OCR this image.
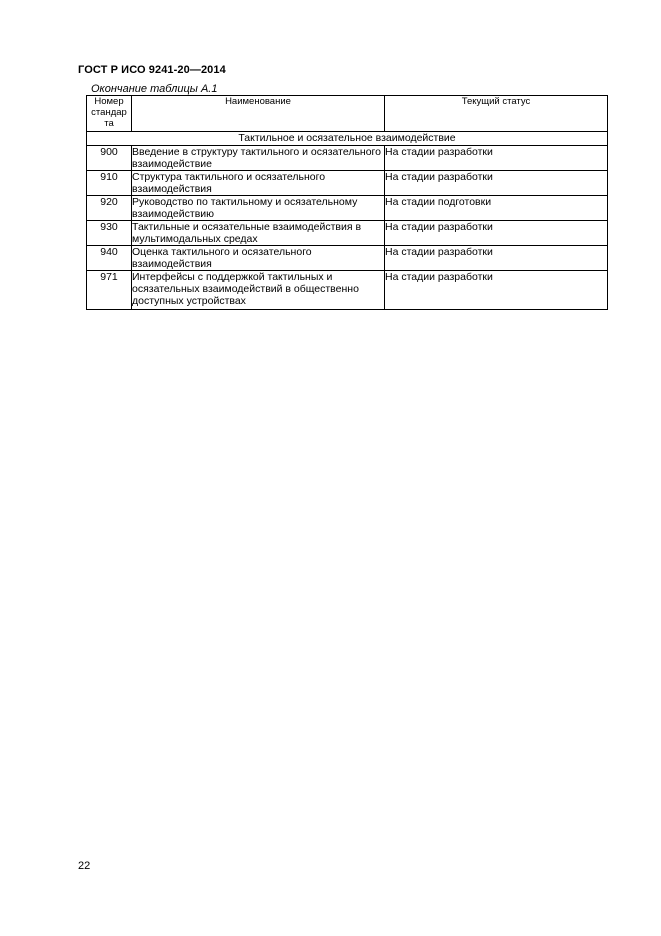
ГОСТ Р ИСО 9241-20—2014
Окончание таблицы А.1
Номер стандар та	Наименование	Текущий статус
Тактильное и осязательное взаимодействие		
900	Введение в структуру тактильного и осязательного взаимодействие	На стадии разработки
910	Структура тактильного и осязательного взаимодействия	На стадии разработки
920	Руководство по тактильному и осязательному взаимодействию	На стадии подготовки
930	Тактильные и осязательные взаимодействия в мультимодальных средах	На стадии разработки
940	Оценка тактильного и осязательного взаимодействия	На стадии разработки
971	Интерфейсы с поддержкой тактильных и осязательных взаимодействий в общественно доступных устройствах	На стадии разработки
22
